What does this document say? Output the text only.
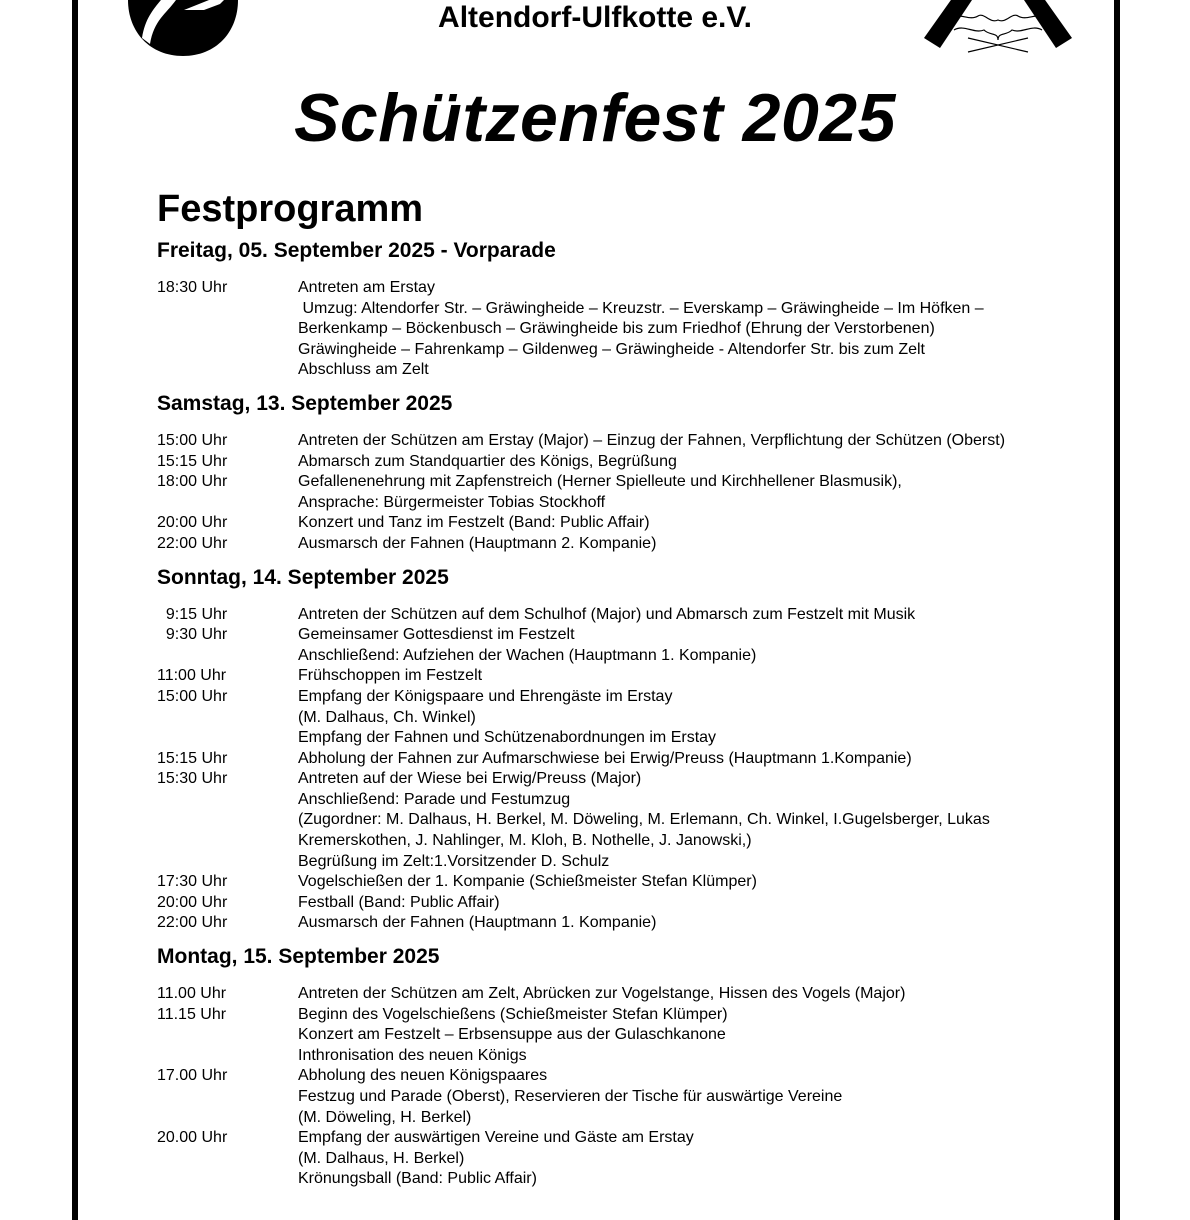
Altendorf-Ulfkotte e.V.
Schützenfest 2025
Festprogramm
Freitag, 05. September 2025 - Vorparade
18:30 Uhr	Antreten am Erstay
Umzug: Altendorfer Str. – Gräwingheide – Kreuzstr. – Everskamp – Gräwingheide – Im Höfken –
Berkenkamp – Böckenbusch – Gräwingheide bis zum Friedhof (Ehrung der Verstorbenen)
Gräwingheide – Fahrenkamp – Gildenweg – Gräwingheide - Altendorfer Str. bis zum Zelt
Abschluss am Zelt
Samstag, 13. September 2025
15:00 Uhr	Antreten der Schützen am Erstay (Major) – Einzug der Fahnen, Verpflichtung der Schützen (Oberst)
15:15 Uhr	Abmarsch zum Standquartier des Königs, Begrüßung
18:00 Uhr	Gefallenenehrung mit Zapfenstreich (Herner Spielleute und Kirchhellener Blasmusik),
Ansprache: Bürgermeister Tobias Stockhoff
20:00 Uhr	Konzert und Tanz im Festzelt (Band: Public Affair)
22:00 Uhr	Ausmarsch der Fahnen (Hauptmann 2. Kompanie)
Sonntag, 14. September 2025
9:15 Uhr	Antreten der Schützen auf dem Schulhof (Major) und Abmarsch zum Festzelt mit Musik
9:30 Uhr	Gemeinsamer Gottesdienst im Festzelt
Anschließend: Aufziehen der Wachen (Hauptmann 1. Kompanie)
11:00 Uhr	Frühschoppen im Festzelt
15:00 Uhr	Empfang der Königspaare und Ehrengäste im Erstay
(M. Dalhaus, Ch. Winkel)
Empfang der Fahnen und Schützenabordnungen im Erstay
15:15 Uhr	Abholung der Fahnen zur Aufmarschwiese bei Erwig/Preuss (Hauptmann 1.Kompanie)
15:30 Uhr	Antreten auf der Wiese bei Erwig/Preuss (Major)
Anschließend: Parade und Festumzug
(Zugordner: M. Dalhaus, H. Berkel, M. Döweling, M. Erlemann, Ch. Winkel, I.Gugelsberger, Lukas
Kremerskothen, J. Nahlinger, M. Kloh, B. Nothelle, J. Janowski,)
Begrüßung im Zelt:1.Vorsitzender D. Schulz
17:30 Uhr	Vogelschießen der 1. Kompanie (Schießmeister Stefan Klümper)
20:00 Uhr	Festball (Band: Public Affair)
22:00 Uhr	Ausmarsch der Fahnen (Hauptmann 1. Kompanie)
Montag, 15. September 2025
11.00 Uhr	Antreten der Schützen am Zelt, Abrücken zur Vogelstange, Hissen des Vogels (Major)
11.15 Uhr	Beginn des Vogelschießens (Schießmeister Stefan Klümper)
Konzert am Festzelt – Erbsensuppe aus der Gulaschkanone
Inthronisation des neuen Königs
17.00 Uhr	Abholung des neuen Königspaares
Festzug und Parade (Oberst), Reservieren der Tische für auswärtige Vereine
(M. Döweling, H. Berkel)
20.00 Uhr	Empfang der auswärtigen Vereine und Gäste am Erstay
(M. Dalhaus, H. Berkel)
Krönungsball (Band: Public Affair)
